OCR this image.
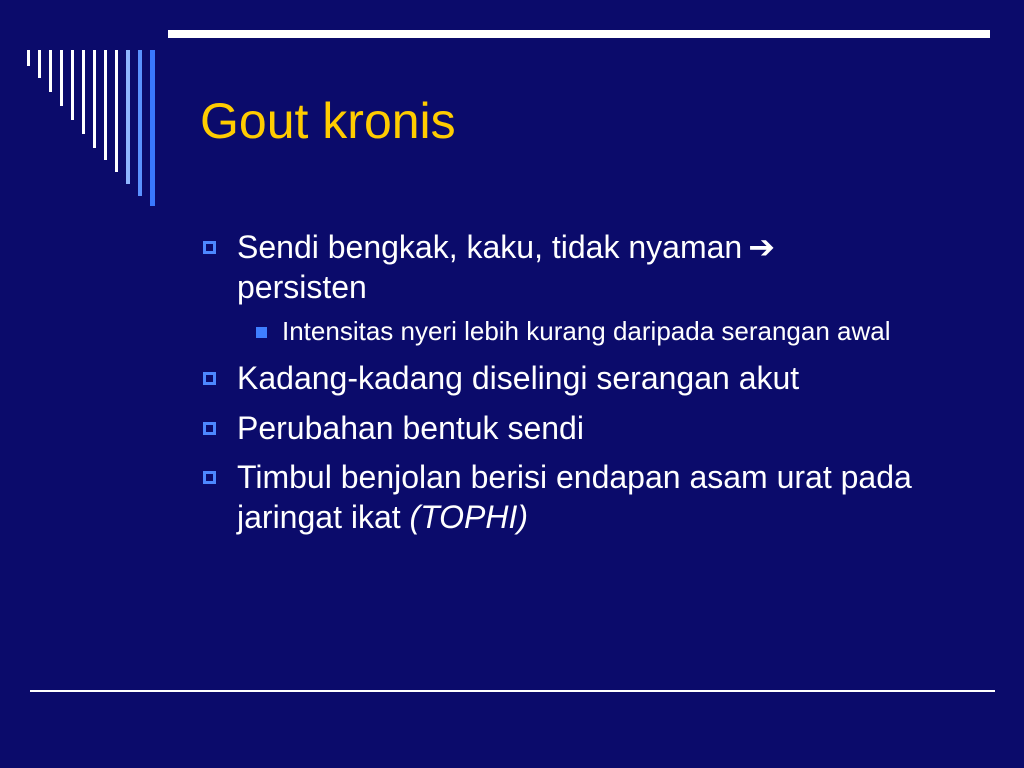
Gout kronis
Sendi bengkak, kaku, tidak nyaman ➔
persisten
Intensitas nyeri lebih kurang daripada serangan awal
Kadang-kadang diselingi serangan akut
Perubahan bentuk sendi
Timbul benjolan berisi endapan asam urat pada jaringat ikat (TOPHI)
